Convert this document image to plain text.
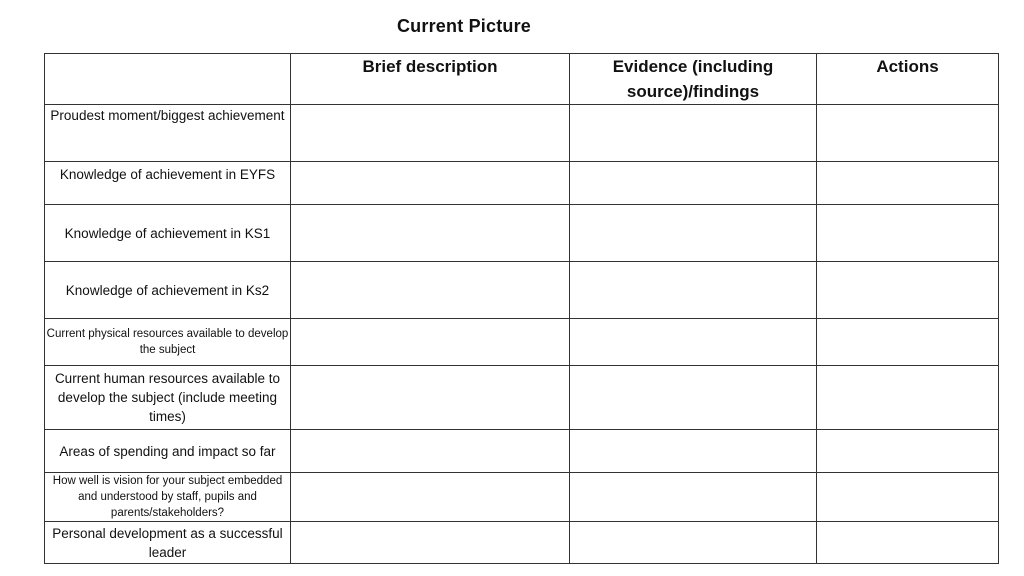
Current Picture
	Brief description	Evidence (including source)/findings	Actions
Proudest moment/biggest achievement			
Knowledge of achievement in EYFS			
Knowledge of achievement in KS1			
Knowledge of achievement in Ks2			
Current physical resources available to develop the subject			
Current human resources available to develop the subject (include meeting times)			
Areas of spending and impact so far			
How well is vision for your subject embedded and understood by staff, pupils and parents/stakeholders?			
Personal development as a successful leader			
